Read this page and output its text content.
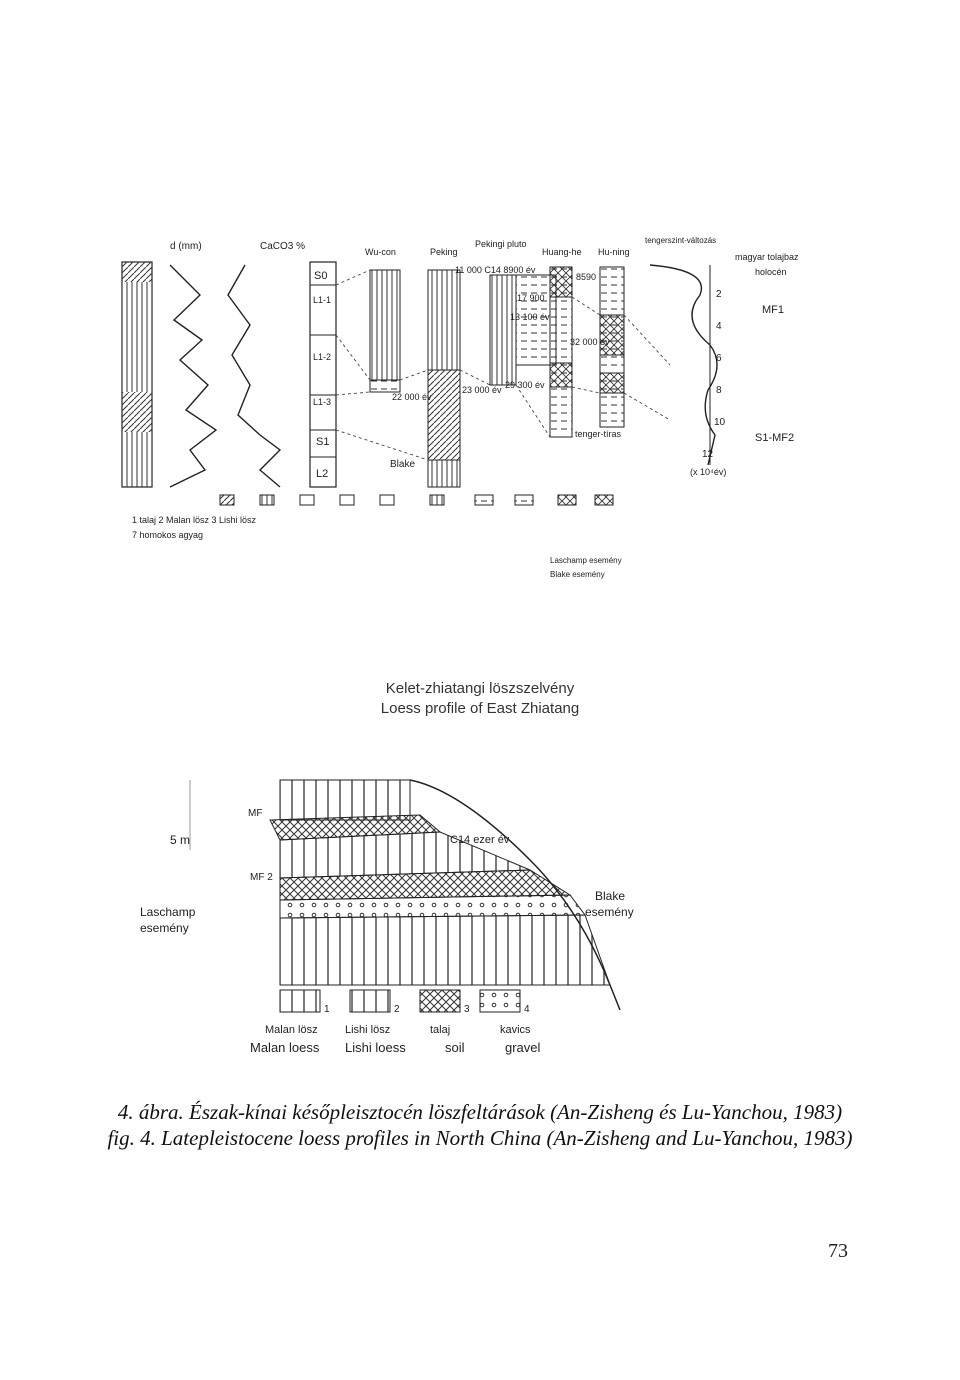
d (mm)	CaCO3 %	Wu-con	Peking
Pekingi pluto
Huang-he Hu-ning
tengerszint-változás
S0
L1-1
L1-2
L1-3
S1
L2
11 000 C14 8900 év
8590
17 900
13 100 év
22 000 év
23 000 év 29 300 év
32 000 év
Blake
tenger-tíras
2
4
6
8
10
12
(x 10⁴év)
magyar tolajbaz
holocén
MF1
S1-MF2
1 talaj 2 Malan lösz 3 Lishi lösz
7 homokos agyag
Laschamp esemény
Blake esemény
Kelet-zhiatangi löszszelvény
Loess profile of East Zhiatang
5 m
MF
MF 2
Laschamp
esemény
Blake
esemény
C14 ezer év
1	2	3	4
Malan lösz Lishi lösz	talaj	kavics
Malan loess Lishi loess	soil	gravel
4. ábra. Észak-kínai későpleisztocén löszfeltárások (An-Zisheng és Lu-Yanchou, 1983)
fig. 4. Latepleistocene loess profiles in North China (An-Zisheng and Lu-Yanchou, 1983)
73
